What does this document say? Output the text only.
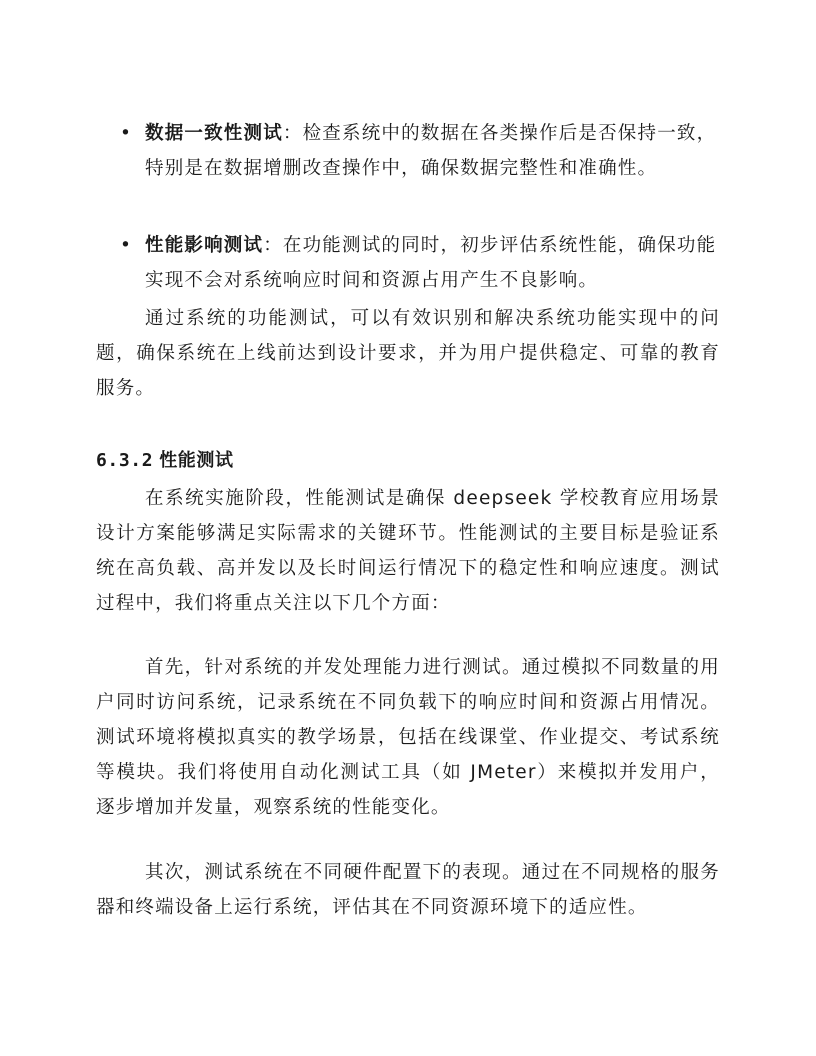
• 数据一致性测试：检查系统中的数据在各类操作后是否保持一致，特别是在数据增删改查操作中，确保数据完整性和准确性。
• 性能影响测试：在功能测试的同时，初步评估系统性能，确保功能实现不会对系统响应时间和资源占用产生不良影响。
通过系统的功能测试，可以有效识别和解决系统功能实现中的问题，确保系统在上线前达到设计要求，并为用户提供稳定、可靠的教育服务。
6.3.2 性能测试
在系统实施阶段，性能测试是确保 deepseek 学校教育应用场景设计方案能够满足实际需求的关键环节。性能测试的主要目标是验证系统在高负载、高并发以及长时间运行情况下的稳定性和响应速度。测试过程中，我们将重点关注以下几个方面：
首先，针对系统的并发处理能力进行测试。通过模拟不同数量的用户同时访问系统，记录系统在不同负载下的响应时间和资源占用情况。测试环境将模拟真实的教学场景，包括在线课堂、作业提交、考试系统等模块。我们将使用自动化测试工具（如 JMeter）来模拟并发用户，逐步增加并发量，观察系统的性能变化。
其次，测试系统在不同硬件配置下的表现。通过在不同规格的服务器和终端设备上运行系统，评估其在不同资源环境下的适应性。
